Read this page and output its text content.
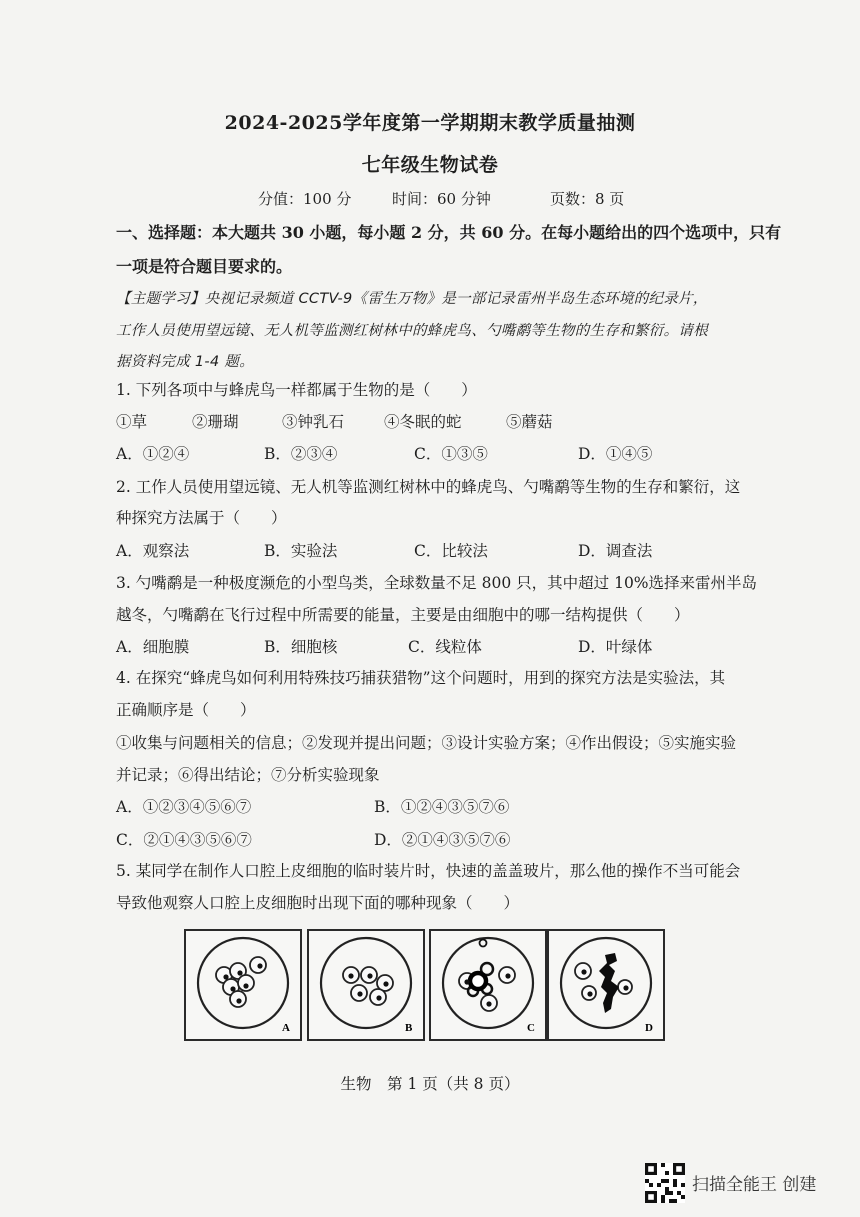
2024-2025学年度第一学期期末教学质量抽测
七年级生物试卷
分值：100 分	时间：60 分钟	页数：8 页
一、选择题：本大题共 30 小题，每小题 2 分，共 60 分。在每小题给出的四个选项中，只有
一项是符合题目要求的。
【主题学习】央视记录频道 CCTV-9《雷生万物》是一部记录雷州半岛生态环境的纪录片，
工作人员使用望远镜、无人机等监测红树林中的蜂虎鸟、勺嘴鹬等生物的生存和繁衍。请根
据资料完成 1-4 题。
1. 下列各项中与蜂虎鸟一样都属于生物的是（　　）
①草	②珊瑚	③钟乳石	④冬眠的蛇	⑤蘑菇
A．①②④	B．②③④	C．①③⑤	D．①④⑤
2. 工作人员使用望远镜、无人机等监测红树林中的蜂虎鸟、勺嘴鹬等生物的生存和繁衍，这
种探究方法属于（　　）
A．观察法	B．实验法	C．比较法	D．调查法
3. 勺嘴鹬是一种极度濒危的小型鸟类，全球数量不足 800 只，其中超过 10%选择来雷州半岛
越冬，勺嘴鹬在飞行过程中所需要的能量，主要是由细胞中的哪一结构提供（　　）
A．细胞膜	B．细胞核	C．线粒体	D．叶绿体
4. 在探究“蜂虎鸟如何利用特殊技巧捕获猎物”这个问题时，用到的探究方法是实验法，其
正确顺序是（　　）
①收集与问题相关的信息；②发现并提出问题；③设计实验方案；④作出假设；⑤实施实验
并记录；⑥得出结论；⑦分析实验现象
A．①②③④⑤⑥⑦	B．①②④③⑤⑦⑥
C．②①④③⑤⑥⑦	D．②①④③⑤⑦⑥
5. 某同学在制作人口腔上皮细胞的临时装片时，快速的盖盖玻片，那么他的操作不当可能会
导致他观察人口腔上皮细胞时出现下面的哪种现象（　　）
A	B	C	D
生物　第 1 页（共 8 页）
扫描全能王 创建
